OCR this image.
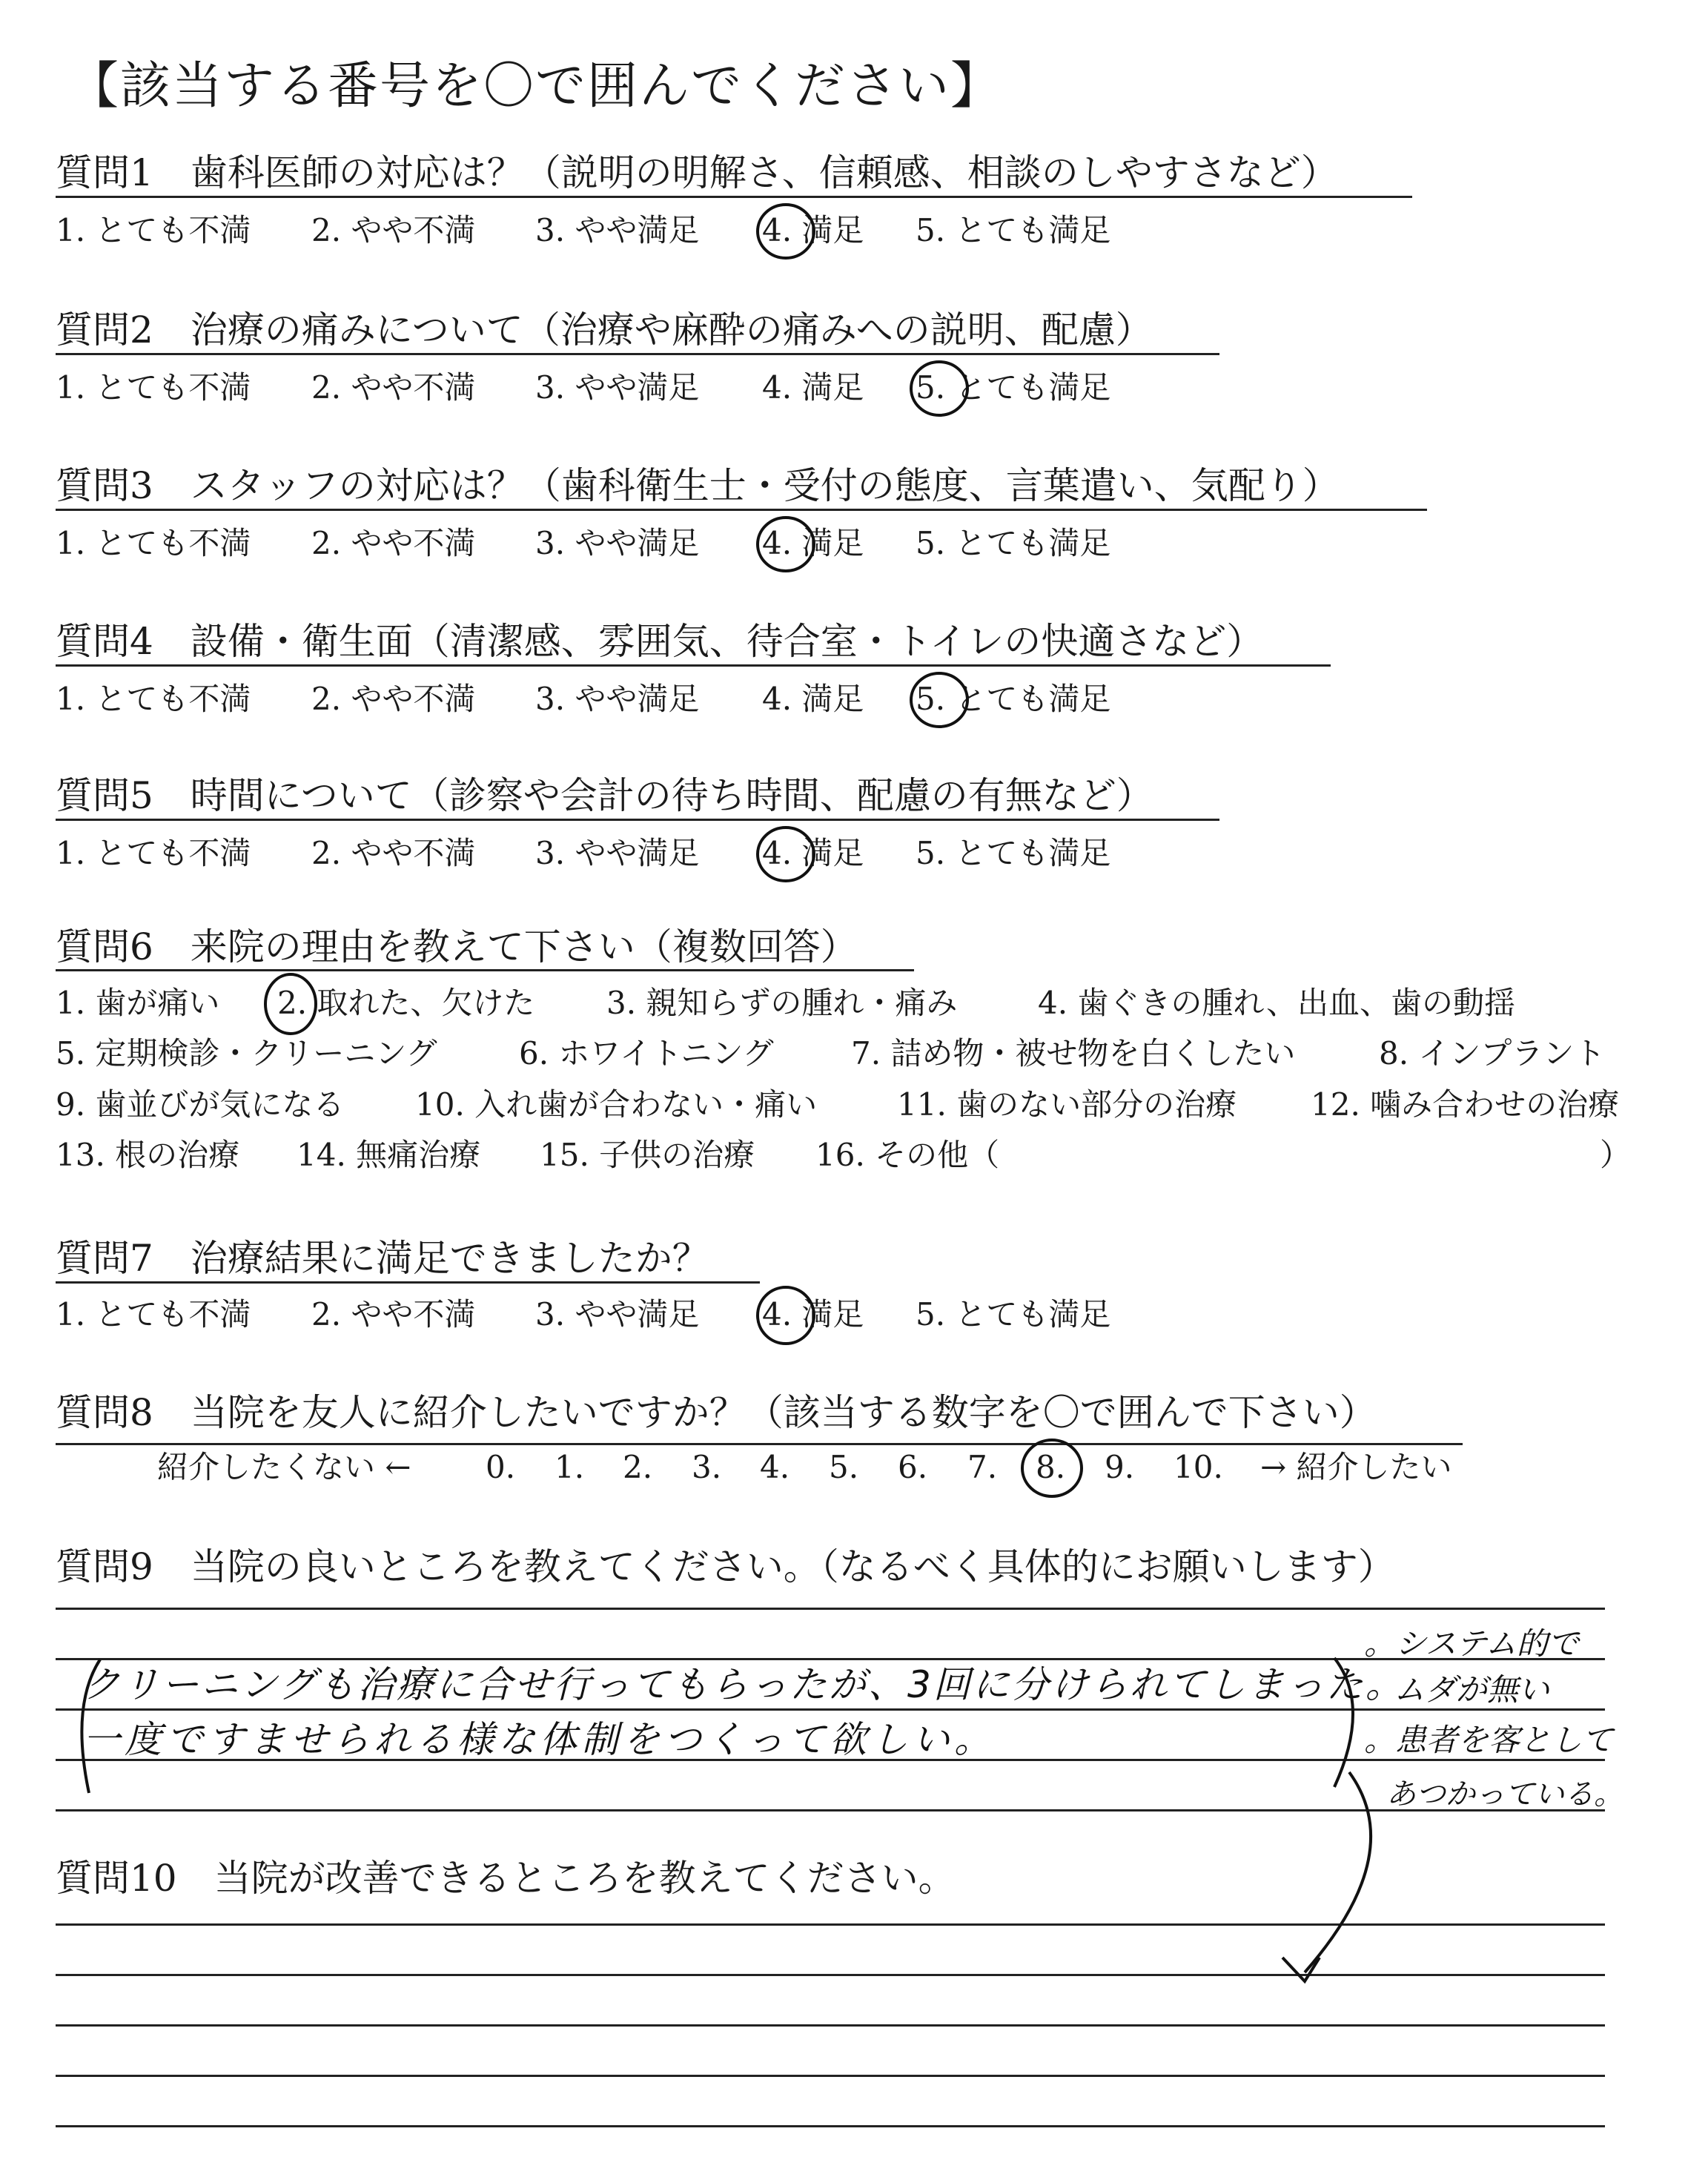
【該当する番号を〇で囲んでください】
質問1　歯科医師の対応は？（説明の明解さ、信頼感、相談のしやすさなど）
1. とても不満 2. やや不満 3. やや満足 4. 満足 5. とても満足
質問2　治療の痛みについて（治療や麻酔の痛みへの説明、配慮）
1. とても不満 2. やや不満 3. やや満足 4. 満足 5. とても満足
質問3　スタッフの対応は？（歯科衛生士・受付の態度、言葉遣い、気配り）
1. とても不満 2. やや不満 3. やや満足 4. 満足 5. とても満足
質問4　設備・衛生面（清潔感、雰囲気、待合室・トイレの快適さなど）
1. とても不満 2. やや不満 3. やや満足 4. 満足 5. とても満足
質問5　時間について（診察や会計の待ち時間、配慮の有無など）
1. とても不満 2. やや不満 3. やや満足 4. 満足 5. とても満足
質問6　来院の理由を教えて下さい（複数回答）
1. 歯が痛い 2. 取れた、欠けた 3. 親知らずの腫れ・痛み	4. 歯ぐきの腫れ、出血、歯の動揺
5. 定期検診・クリーニング	6. ホワイトニング 7. 詰め物・被せ物を白くしたい	8. インプラント
9. 歯並びが気になる 10. 入れ歯が合わない・痛い	11. 歯のない部分の治療 12. 噛み合わせの治療
13. 根の治療 14. 無痛治療 15. 子供の治療 16. その他（	）
質問7　治療結果に満足できましたか？
1. とても不満 2. やや不満 3. やや満足 4. 満足 5. とても満足
質問8　当院を友人に紹介したいですか？（該当する数字を〇で囲んで下さい）
紹介したくない ← 0. 1. 2. 3. 4. 5. 6. 7. 8. 9. 10. → 紹介したい
質問9　当院の良いところを教えてください。（なるべく具体的にお願いします）
クリーニングも治療に合せ行ってもらったが、3回に分けられてしまった。
一度ですませられる様な体制をつくって欲しい。
。システム的で
ムダが無い
。患者を客として
あつかっている。
質問10　当院が改善できるところを教えてください。
